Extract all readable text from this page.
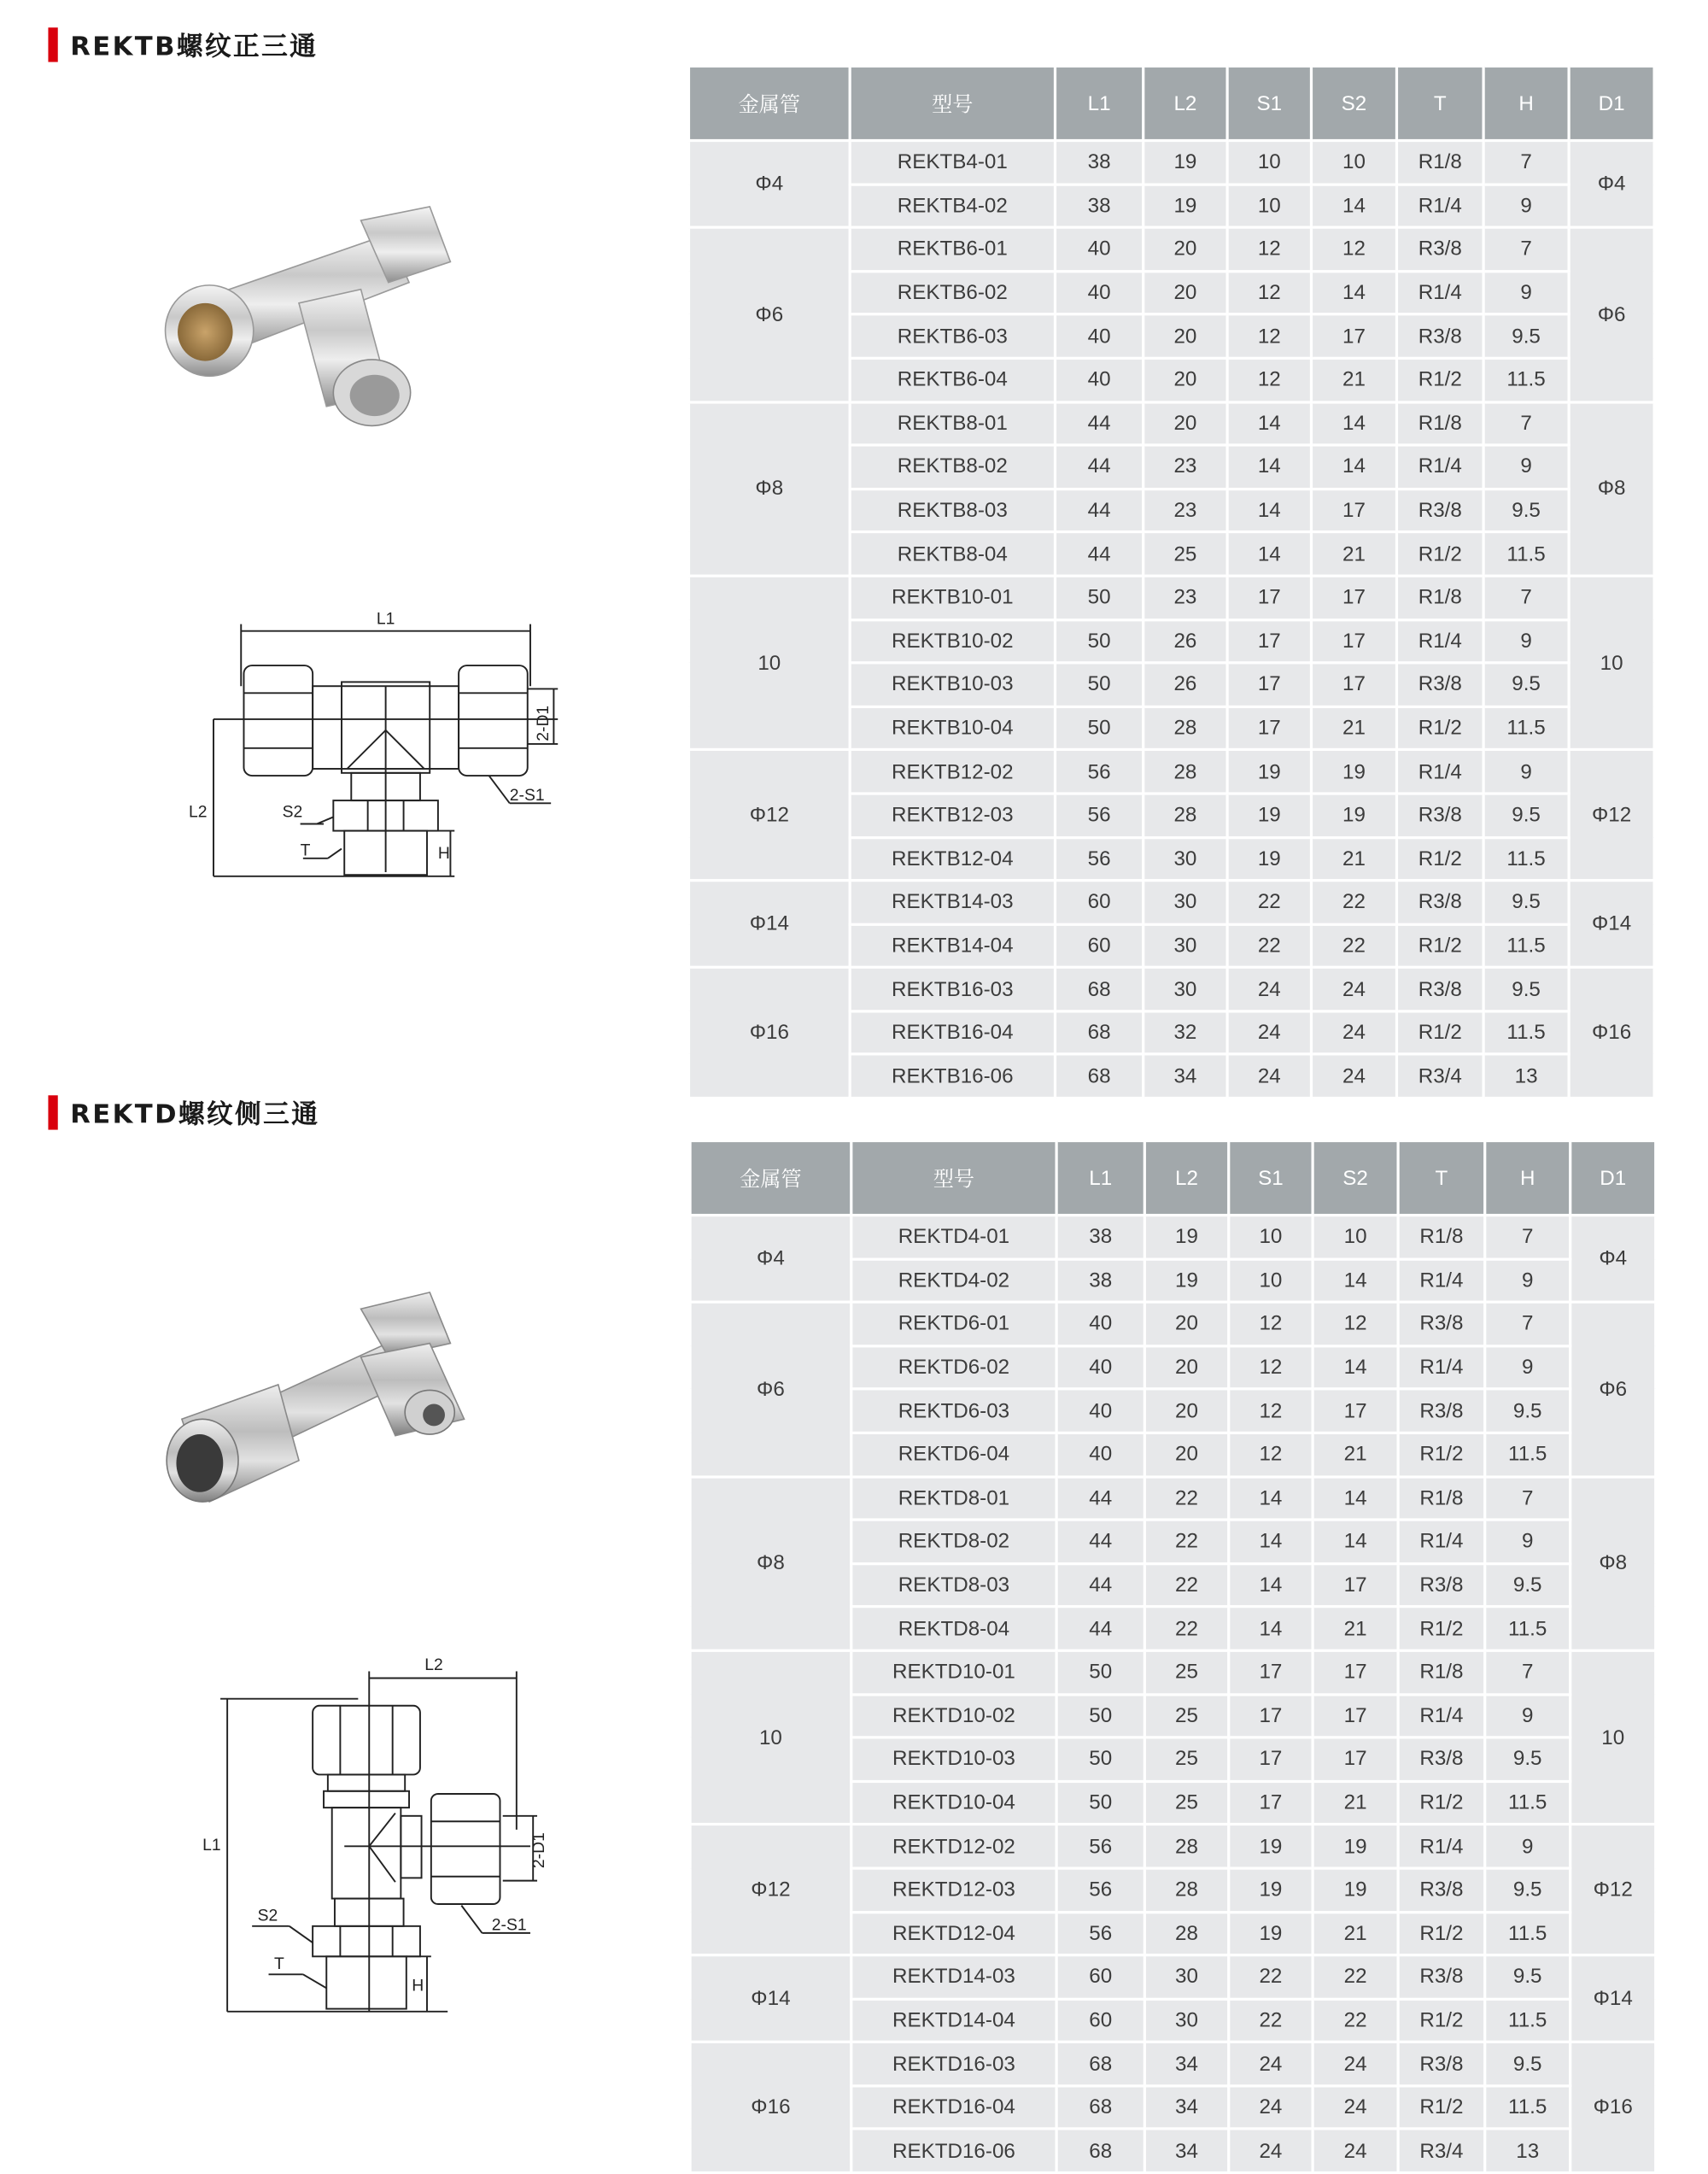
REKTB螺纹正三通
L1
L2	S2
T	H
2-S1
2-D1
金属管	型号	L1	L2	S1	S2	T	H	D1
Φ4	REKTB4-01	38	19	10	10	R1/8	7	Φ4
	REKTB4-02	38	19	10	14	R1/4	9	
Φ6	REKTB6-01	40	20	12	12	R3/8	7	Φ6
	REKTB6-02	40	20	12	14	R1/4	9	
	REKTB6-03	40	20	12	17	R3/8	9.5	
	REKTB6-04	40	20	12	21	R1/2	11.5	
Φ8	REKTB8-01	44	20	14	14	R1/8	7	Φ8
	REKTB8-02	44	23	14	14	R1/4	9	
	REKTB8-03	44	23	14	17	R3/8	9.5	
	REKTB8-04	44	25	14	21	R1/2	11.5	
10	REKTB10-01	50	23	17	17	R1/8	7	10
	REKTB10-02	50	26	17	17	R1/4	9	
	REKTB10-03	50	26	17	17	R3/8	9.5	
	REKTB10-04	50	28	17	21	R1/2	11.5	
Φ12	REKTB12-02	56	28	19	19	R1/4	9	Φ12
	REKTB12-03	56	28	19	19	R3/8	9.5	
	REKTB12-04	56	30	19	21	R1/2	11.5	
Φ14	REKTB14-03	60	30	22	22	R3/8	9.5	Φ14
	REKTB14-04	60	30	22	22	R1/2	11.5	
Φ16	REKTB16-03	68	30	24	24	R3/8	9.5	Φ16
	REKTB16-04	68	32	24	24	R1/2	11.5	
	REKTB16-06	68	34	24	24	R3/4	13	
REKTD螺纹侧三通
L2
L1
S2
T
H
2-S1
2-D1
金属管	型号	L1	L2	S1	S2	T	H	D1
Φ4	REKTD4-01	38	19	10	10	R1/8	7	Φ4
	REKTD4-02	38	19	10	14	R1/4	9	
Φ6	REKTD6-01	40	20	12	12	R3/8	7	Φ6
	REKTD6-02	40	20	12	14	R1/4	9	
	REKTD6-03	40	20	12	17	R3/8	9.5	
	REKTD6-04	40	20	12	21	R1/2	11.5	
Φ8	REKTD8-01	44	22	14	14	R1/8	7	Φ8
	REKTD8-02	44	22	14	14	R1/4	9	
	REKTD8-03	44	22	14	17	R3/8	9.5	
	REKTD8-04	44	22	14	21	R1/2	11.5	
10	REKTD10-01	50	25	17	17	R1/8	7	10
	REKTD10-02	50	25	17	17	R1/4	9	
	REKTD10-03	50	25	17	17	R3/8	9.5	
	REKTD10-04	50	25	17	21	R1/2	11.5	
Φ12	REKTD12-02	56	28	19	19	R1/4	9	Φ12
	REKTD12-03	56	28	19	19	R3/8	9.5	
	REKTD12-04	56	28	19	21	R1/2	11.5	
Φ14	REKTD14-03	60	30	22	22	R3/8	9.5	Φ14
	REKTD14-04	60	30	22	22	R1/2	11.5	
Φ16	REKTD16-03	68	34	24	24	R3/8	9.5	Φ16
	REKTD16-04	68	34	24	24	R1/2	11.5	
	REKTD16-06	68	34	24	24	R3/4	13	
